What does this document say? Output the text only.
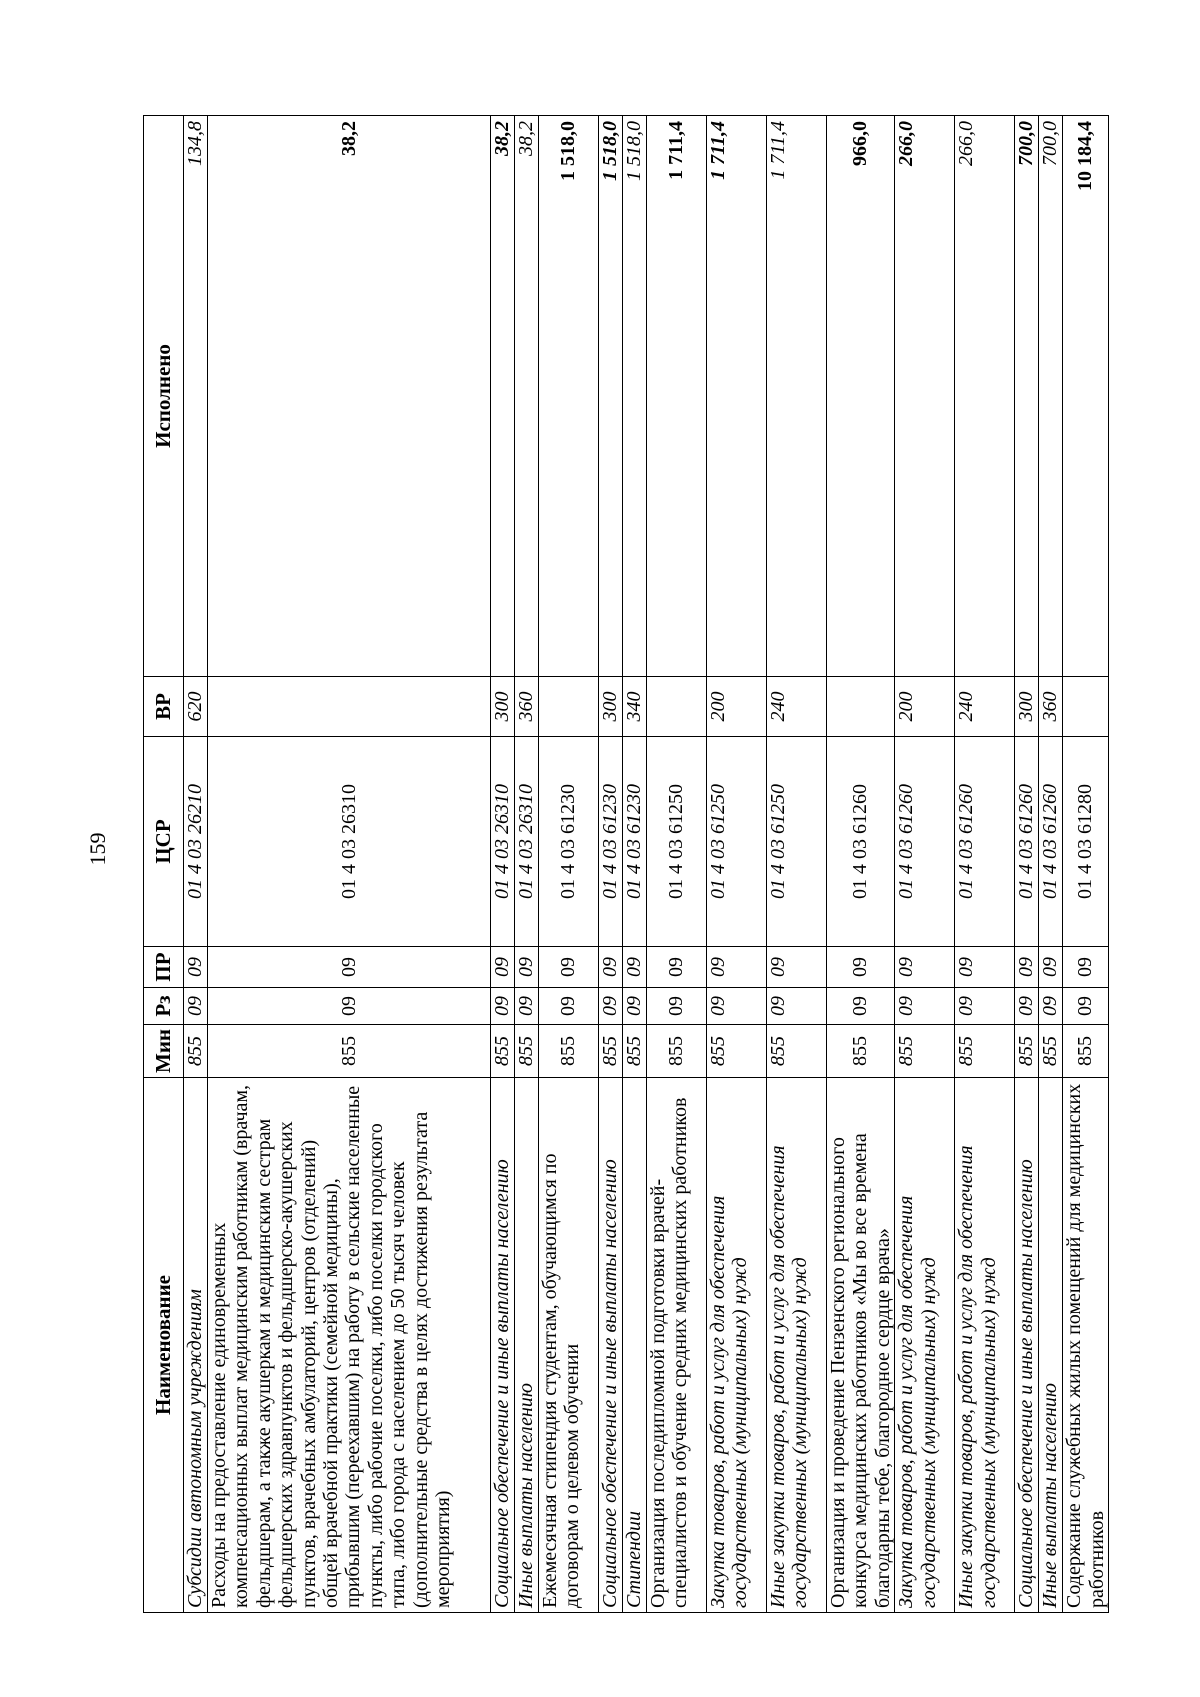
159
Наименование	Мин	Рз	ПР	ЦСР	ВР	Исполнено
Субсидии автономным учреждениям	855	09	09	01 4 03 26210	620	134,8
Расходы на предоставление единовременных компенсационных выплат медицинским работникам (врачам, фельдшерам, а также акушеркам и медицинским сестрам фельдшерских здравпунктов и фельдшерско-акушерских пунктов, врачебных амбулаторий, центров (отделений) общей врачебной практики (семейной медицины), прибывшим (переехавшим) на работу в сельские населенные пункты, либо рабочие поселки, либо поселки городского типа, либо города с населением до 50 тысяч человек (дополнительные средства в целях достижения результата мероприятия)	855	09	09	01 4 03 26310		38,2
Социальное обеспечение и иные выплаты населению	855	09	09	01 4 03 26310	300	38,2
Иные выплаты населению	855	09	09	01 4 03 26310	360	38,2
Ежемесячная стипендия студентам, обучающимся по договорам о целевом обучении	855	09	09	01 4 03 61230		1 518,0
Социальное обеспечение и иные выплаты населению	855	09	09	01 4 03 61230	300	1 518,0
Стипендии	855	09	09	01 4 03 61230	340	1 518,0
Организация последипломной подготовки врачей-специалистов и обучение средних медицинских работников	855	09	09	01 4 03 61250		1 711,4
Закупка товаров, работ и услуг для обеспечения государственных (муниципальных) нужд	855	09	09	01 4 03 61250	200	1 711,4
Иные закупки товаров, работ и услуг для обеспечения государственных (муниципальных) нужд	855	09	09	01 4 03 61250	240	1 711,4
Организация и проведение Пензенского регионального конкурса медицинских работников «Мы во все времена благодарны тебе, благородное сердце врача»	855	09	09	01 4 03 61260		966,0
Закупка товаров, работ и услуг для обеспечения государственных (муниципальных) нужд	855	09	09	01 4 03 61260	200	266,0
Иные закупки товаров, работ и услуг для обеспечения государственных (муниципальных) нужд	855	09	09	01 4 03 61260	240	266,0
Социальное обеспечение и иные выплаты населению	855	09	09	01 4 03 61260	300	700,0
Иные выплаты населению	855	09	09	01 4 03 61260	360	700,0
Содержание служебных жилых помещений для медицинских работников	855	09	09	01 4 03 61280		10 184,4
